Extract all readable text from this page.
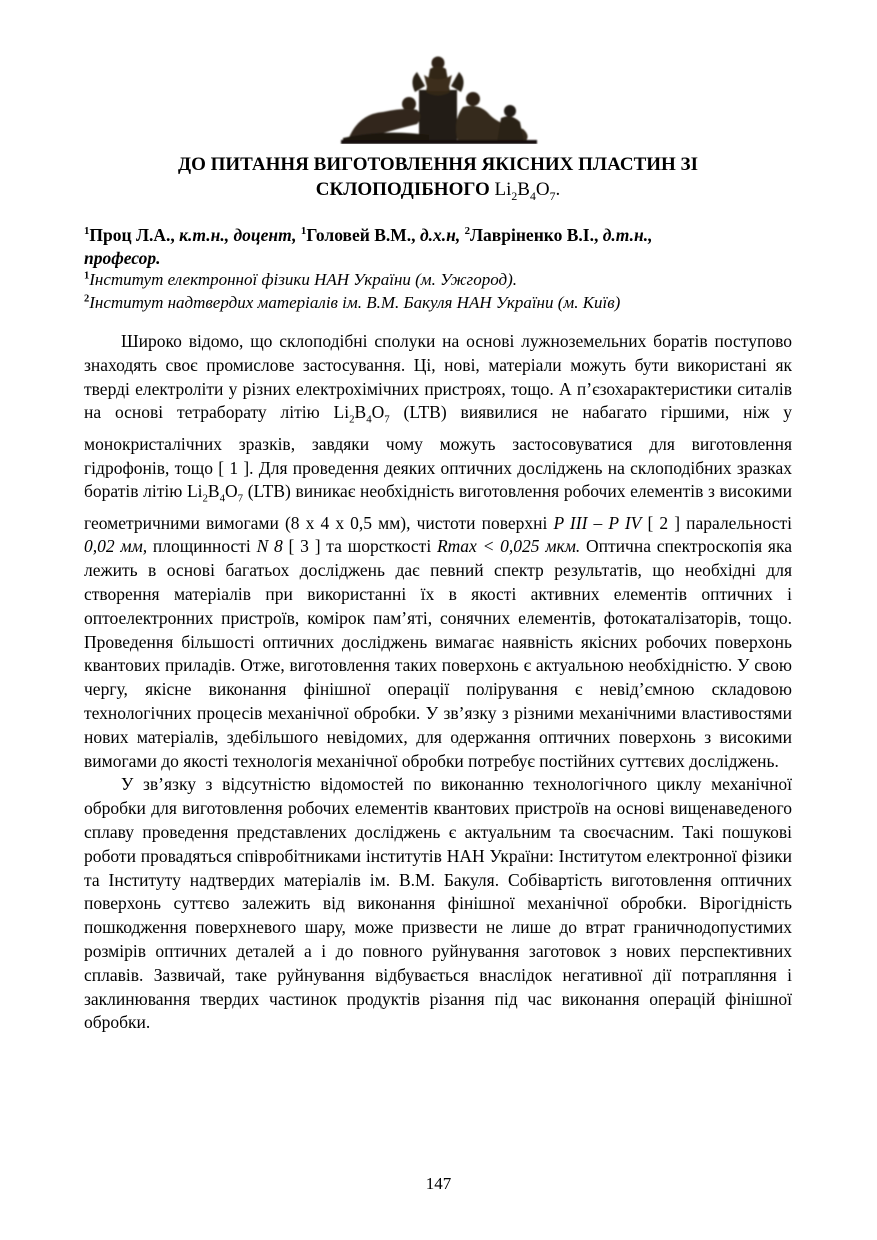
ДО ПИТАННЯ ВИГОТОВЛЕННЯ ЯКІСНИХ ПЛАСТИН ЗІ
СКЛОПОДІБНОГО $Li_2B_4O_7$.

$^1$Проц Л.А., к.т.н., доцент, $^1$Головей В.М., д.х.н, $^2$Лавріненко В.І., д.т.н.,
професор.

$^1$Інститут електронної фізики НАН України (м. Ужгород).

$^2$Інститут надтвердих матеріалів ім. В.М. Бакуля НАН України (м. Київ)

Широко відомо, що склоподібні сполуки на основі лужноземельних боратів поступово знаходять своє промислове застосування. Ці, нові, матеріали можуть бути використані як тверді електроліти у різних електрохімічних пристроях, тощо. А п’єзохарактеристики ситалів на основі тетраборату літію $Li_2B_4O_7$ (LTB) виявилися не набагато гіршими, ніж у монокристалічних зразків, завдяки чому можуть застосовуватися для виготовлення гідрофонів, тощо [ 1 ]. Для проведення деяких оптичних досліджень на склоподібних зразках боратів літію $Li_2B_4O_7$ (LTB) виникає необхідність виготовлення робочих елементів з високими геометричними вимогами (8 х 4 х 0,5 мм), чистоти поверхні P III – P IV [ 2 ] паралельності 0,02 мм, площинності N 8 [ 3 ] та шорсткості Rmax < 0,025 мкм. Оптична спектроскопія яка лежить в основі багатьох досліджень дає певний спектр результатів, що необхідні для створення матеріалів при використанні їх в якості активних елементів оптичних і оптоелектронних пристроїв, комірок пам’яті, сонячних елементів, фотокаталізаторів, тощо. Проведення більшості оптичних досліджень вимагає наявність якісних робочих поверхонь квантових приладів. Отже, виготовлення таких поверхонь є актуальною необхідністю. У свою чергу, якісне виконання фінішної операції полірування є невід’ємною складовою технологічних процесів механічної обробки. У зв’язку з різними механічними властивостями нових матеріалів, здебільшого невідомих, для одержання оптичних поверхонь з високими вимогами до якості технологія механічної обробки потребує постійних суттєвих досліджень.

У зв’язку з відсутністю відомостей по виконанню технологічного циклу механічної обробки для виготовлення робочих елементів квантових пристроїв на основі вищенаведеного сплаву проведення представлених досліджень є актуальним та своєчасним. Такі пошукові роботи провадяться співробітниками інститутів НАН України: Інститутом електронної фізики та Інституту надтвердих матеріалів ім. В.М. Бакуля. Собівартість виготовлення оптичних поверхонь суттєво залежить від виконання фінішної механічної обробки. Вірогідність пошкодження поверхневого шару, може призвести не лише до втрат граничнодопустимих розмірів оптичних деталей а і до повного руйнування заготовок з нових перспективних сплавів. Зазвичай, таке руйнування відбувається внаслідок негативної дії потрапляння і заклинювання твердих частинок продуктів різання під час виконання операцій фінішної обробки.

147
